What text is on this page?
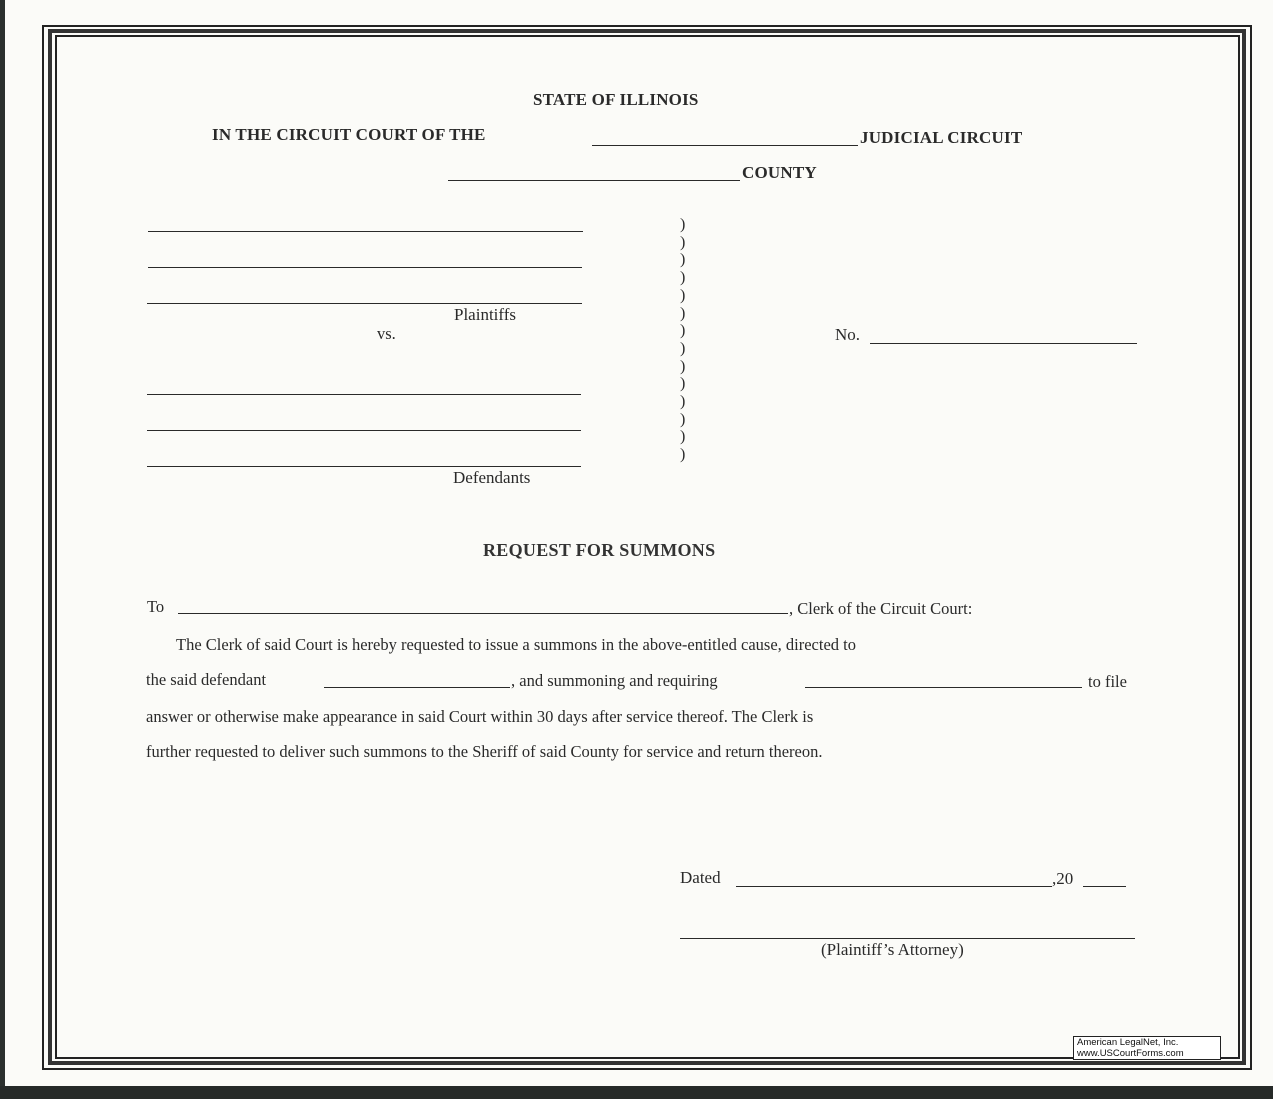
STATE OF ILLINOIS
IN THE CIRCUIT COURT OF THE	JUDICIAL CIRCUIT
COUNTY
Plaintiffs
vs.
Defendants
)
)
)
)
)
)
)
)
)
)
)
)
)
)
No.
REQUEST FOR SUMMONS
To	, Clerk of the Circuit Court:
The Clerk of said Court is hereby requested to issue a summons in the above-entitled cause, directed to
the said defendant	, and summoning and requiring	to file
answer or otherwise make appearance in said Court within 30 days after service thereof. The Clerk is
further requested to deliver such summons to the Sheriff of said County for service and return thereon.
Dated	,20
(Plaintiff’s Attorney)
American LegalNet, Inc.
www.USCourtForms.com
